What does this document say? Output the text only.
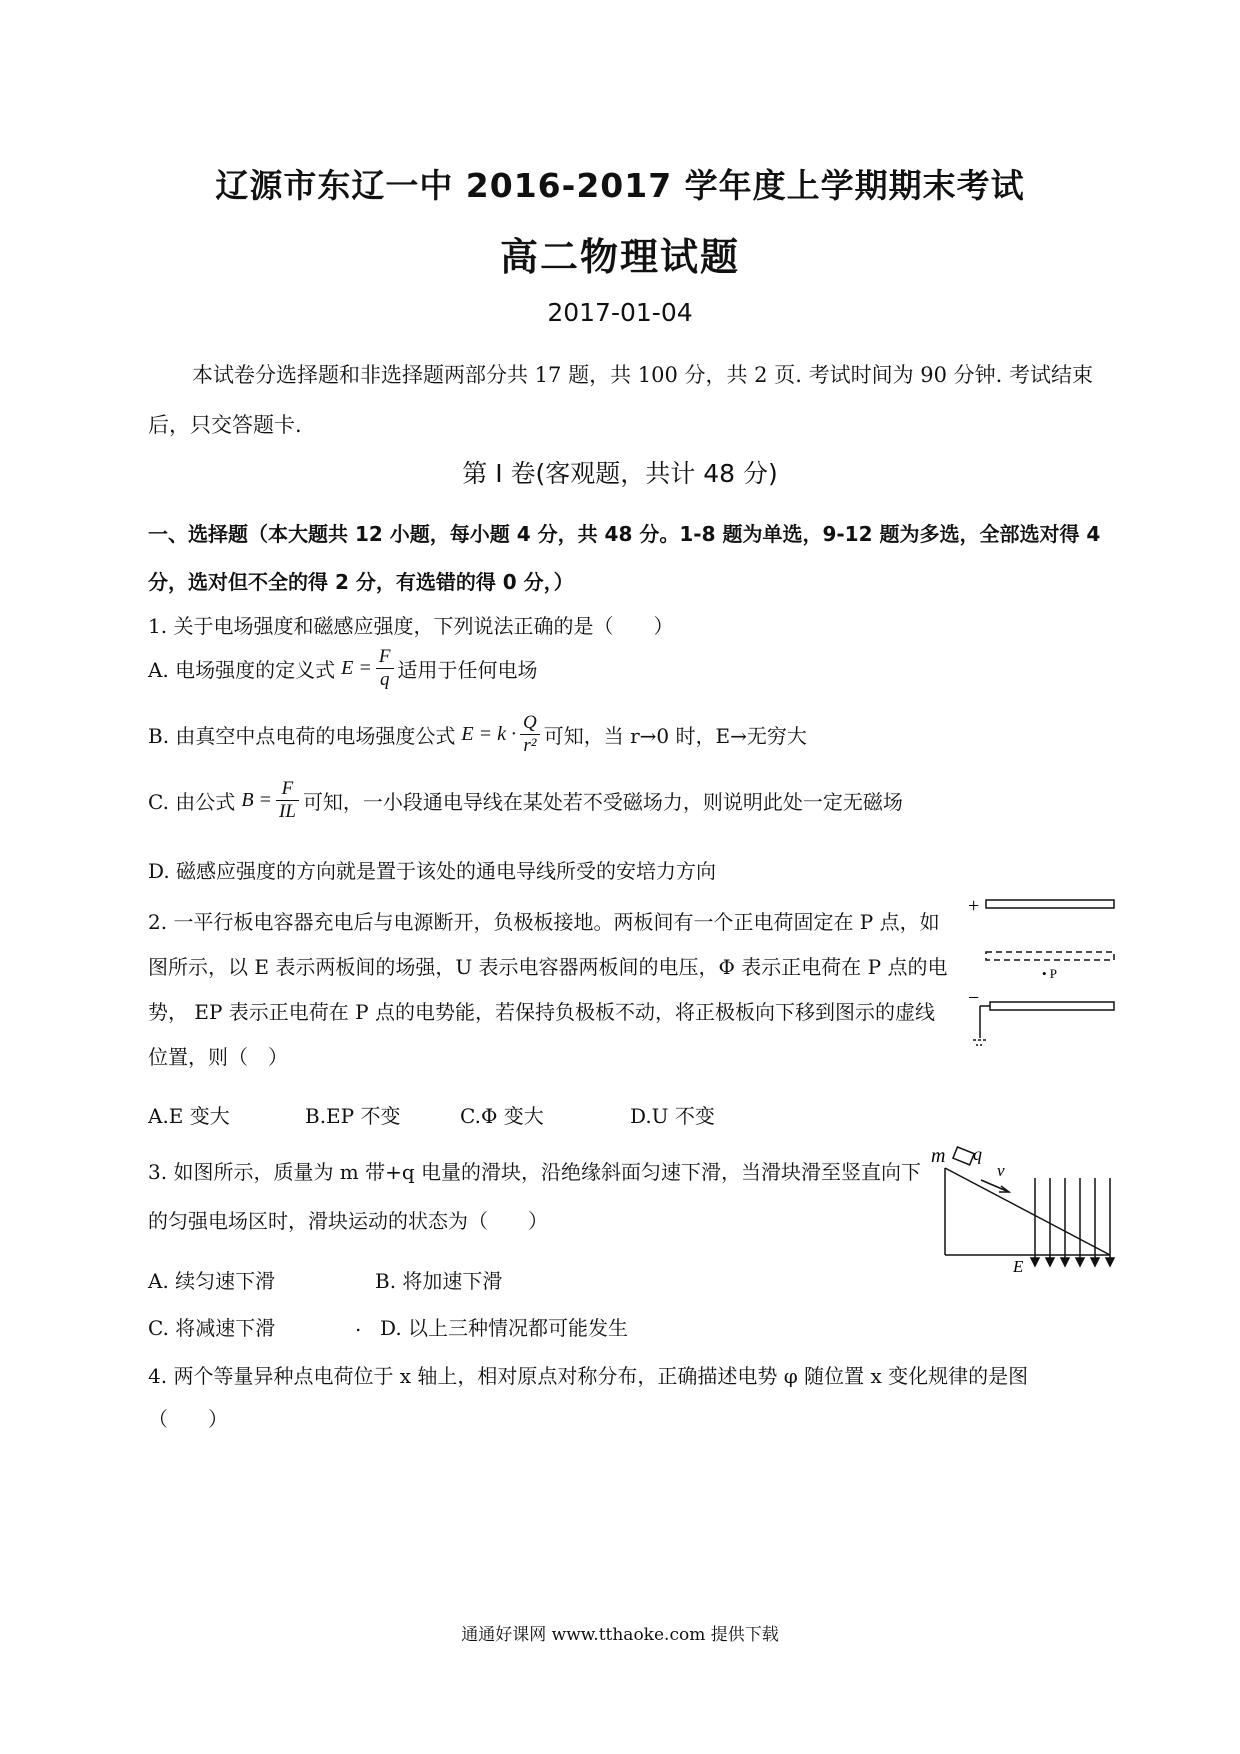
辽源市东辽一中 2016-2017 学年度上学期期末考试
高二物理试题
2017-01-04
本试卷分选择题和非选择题两部分共 17 题，共 100 分，共 2 页. 考试时间为 90 分钟. 考试结束后，只交答题卡.
第 I 卷(客观题，共计 48 分)
一、选择题（本大题共 12 小题，每小题 4 分，共 48 分。1-8 题为单选，9-12 题为多选，全部选对得 4 分，选对但不全的得 2 分，有选错的得 0 分，）
1. 关于电场强度和磁感应强度，下列说法正确的是（　　）
A. 电场强度的定义式 $E = \frac{F}{q}$ 适用于任何电场
B. 由真空中点电荷的电场强度公式 $E = k \cdot \frac{Q}{\text{r²}}$ 可知，当 r→0 时，E→无穷大
C. 由公式 $B = \frac{F}{IL}$ 可知，一小段通电导线在某处若不受磁场力，则说明此处一定无磁场
D. 磁感应强度的方向就是置于该处的通电导线所受的安培力方向
2. 一平行板电容器充电后与电源断开，负极板接地。两板间有一个正电荷固定在 P 点，如图所示，以 E 表示两板间的场强，U 表示电容器两板间的电压，Φ 表示正电荷在 P 点的电势， EP 表示正电荷在 P 点的电势能，若保持负极板不动，将正极板向下移到图示的虚线位置，则（　）
A.E 变大	B.EP 不变	C.Φ 变大	D.U 不变
+
• P
−
3. 如图所示，质量为 m 带+q 电量的滑块，沿绝缘斜面匀速下滑，当滑块滑至竖直向下的匀强电场区时，滑块运动的状态为（　　）
A. 续匀速下滑	B. 将加速下滑
C. 将减速下滑	. D. 以上三种情况都可能发生
m q
v
E
4. 两个等量异种点电荷位于 x 轴上，相对原点对称分布，正确描述电势 φ 随位置 x 变化规律的是图
（　　）
通通好课网 www.tthaoke.com 提供下载
